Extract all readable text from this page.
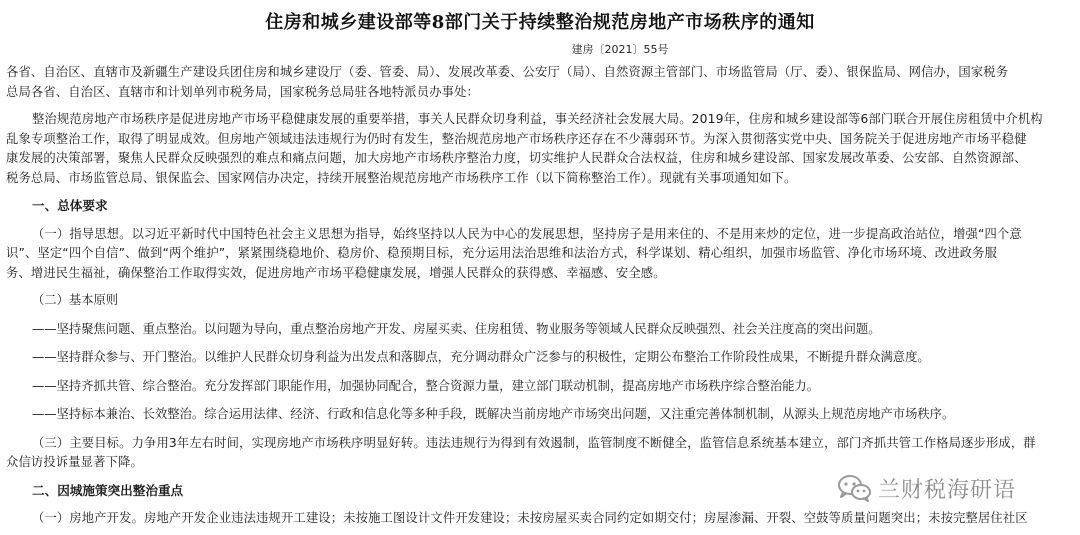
住房和城乡建设部等8部门关于持续整治规范房地产市场秩序的通知
建房〔2021〕55号
各省、自治区、直辖市及新疆生产建设兵团住房和城乡建设厅（委、管委、局）、发展改革委、公安厅（局）、自然资源主管部门、市场监管局（厅、委）、银保监局、网信办，国家税务
总局各省、自治区、直辖市和计划单列市税务局，国家税务总局驻各地特派员办事处：
整治规范房地产市场秩序是促进房地产市场平稳健康发展的重要举措，事关人民群众切身利益，事关经济社会发展大局。2019年，住房和城乡建设部等6部门联合开展住房租赁中介机构
乱象专项整治工作，取得了明显成效。但房地产领域违法违规行为仍时有发生，整治规范房地产市场秩序还存在不少薄弱环节。为深入贯彻落实党中央、国务院关于促进房地产市场平稳健
康发展的决策部署，聚焦人民群众反映强烈的难点和痛点问题，加大房地产市场秩序整治力度，切实维护人民群众合法权益，住房和城乡建设部、国家发展改革委、公安部、自然资源部、
税务总局、市场监管总局、银保监会、国家网信办决定，持续开展整治规范房地产市场秩序工作（以下简称整治工作）。现就有关事项通知如下。
一、总体要求
（一）指导思想。以习近平新时代中国特色社会主义思想为指导，始终坚持以人民为中心的发展思想，坚持房子是用来住的、不是用来炒的定位，进一步提高政治站位，增强“四个意
识”、坚定“四个自信”、做到“两个维护”，紧紧围绕稳地价、稳房价、稳预期目标，充分运用法治思维和法治方式，科学谋划、精心组织，加强市场监管、净化市场环境、改进政务服
务、增进民生福祉，确保整治工作取得实效，促进房地产市场平稳健康发展，增强人民群众的获得感、幸福感、安全感。
（二）基本原则
——坚持聚焦问题、重点整治。以问题为导向，重点整治房地产开发、房屋买卖、住房租赁、物业服务等领域人民群众反映强烈、社会关注度高的突出问题。
——坚持群众参与、开门整治。以维护人民群众切身利益为出发点和落脚点，充分调动群众广泛参与的积极性，定期公布整治工作阶段性成果，不断提升群众满意度。
——坚持齐抓共管、综合整治。充分发挥部门职能作用，加强协同配合，整合资源力量，建立部门联动机制，提高房地产市场秩序综合整治能力。
——坚持标本兼治、长效整治。综合运用法律、经济、行政和信息化等多种手段，既解决当前房地产市场突出问题，又注重完善体制机制，从源头上规范房地产市场秩序。
（三）主要目标。力争用3年左右时间，实现房地产市场秩序明显好转。违法违规行为得到有效遏制，监管制度不断健全，监管信息系统基本建立，部门齐抓共管工作格局逐步形成，群
众信访投诉量显著下降。
二、因城施策突出整治重点
（一）房地产开发。房地产开发企业违法违规开工建设；未按施工图设计文件开发建设；未按房屋买卖合同约定如期交付；房屋渗漏、开裂、空鼓等质量问题突出；未按完整居住社区
兰财税海研语
